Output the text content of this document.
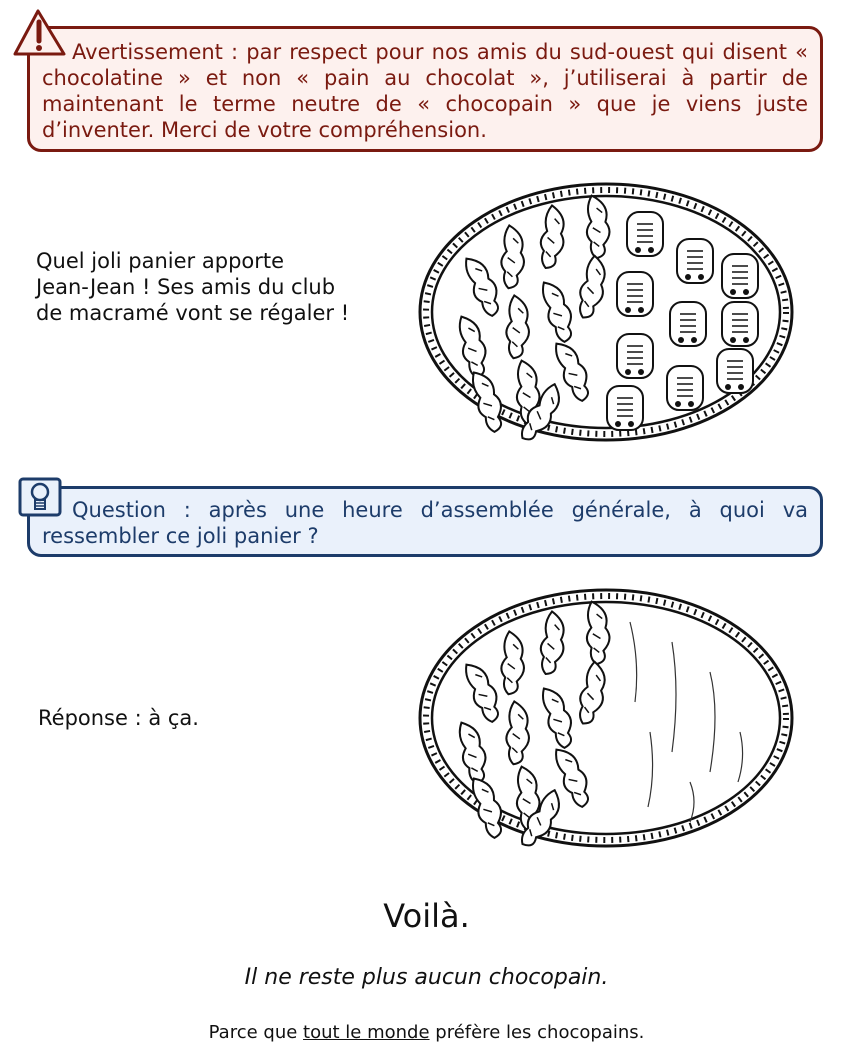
Avertissement : par respect pour nos amis du sud-ouest qui disent « chocolatine » et non « pain au chocolat », j’utiliserai à partir de maintenant le terme neutre de « chocopain » que je viens juste d’inventer. Merci de votre compréhension.
Quel joli panier apporte
Jean-Jean ! Ses amis du club
de macramé vont se régaler !
Question : après une heure d’assemblée générale, à quoi va ressembler ce joli panier ?
Réponse : à ça.
Voilà.
Il ne reste plus aucun chocopain.
Parce que tout le monde préfère les chocopains.
